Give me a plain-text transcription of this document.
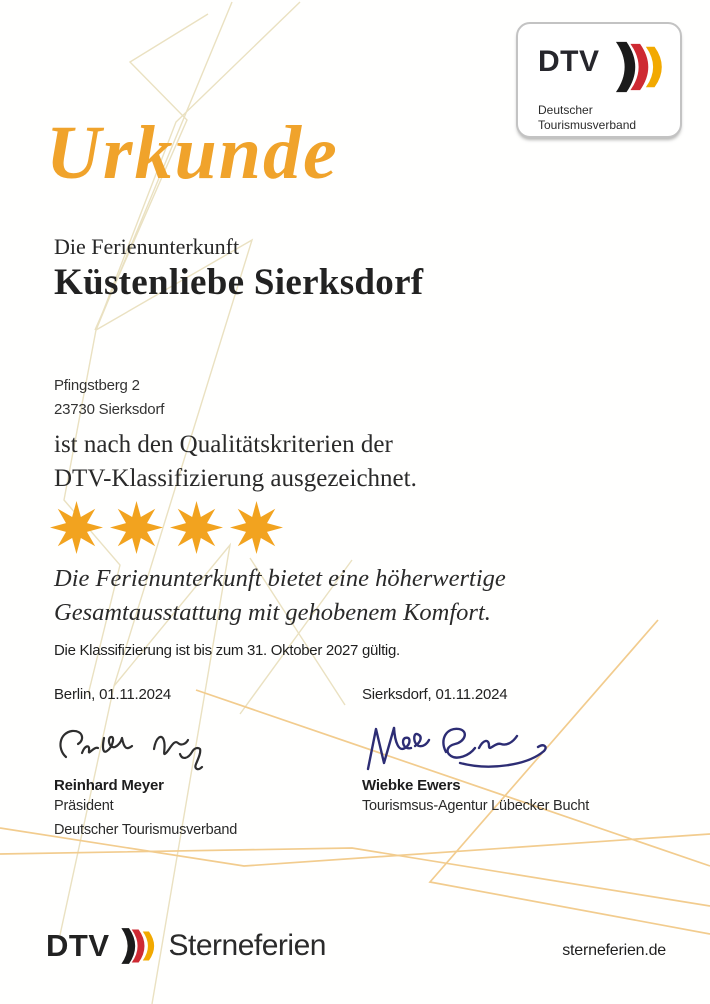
DTV
Deutscher
Tourismusverband
Urkunde

Die Ferienunterkunft

Küstenliebe Sierksdorf
Pfingstberg 2
23730 Sierksdorf
ist nach den Qualitätskriterien der
DTV-Klassifizierung ausgezeichnet.
Die Ferienunterkunft bietet eine höherwertige
Gesamtausstattung mit gehobenem Komfort.

Die Klassifizierung ist bis zum 31. Oktober 2027 gültig.

Berlin, 01.11.2024
Reinhard Meyer
Präsident
Deutscher Tourismusverband
Sierksdorf, 01.11.2024
Wiebke Ewers
Tourismsus-Agentur Lübecker Bucht
DTV Sterneferien	sterneferien.de
